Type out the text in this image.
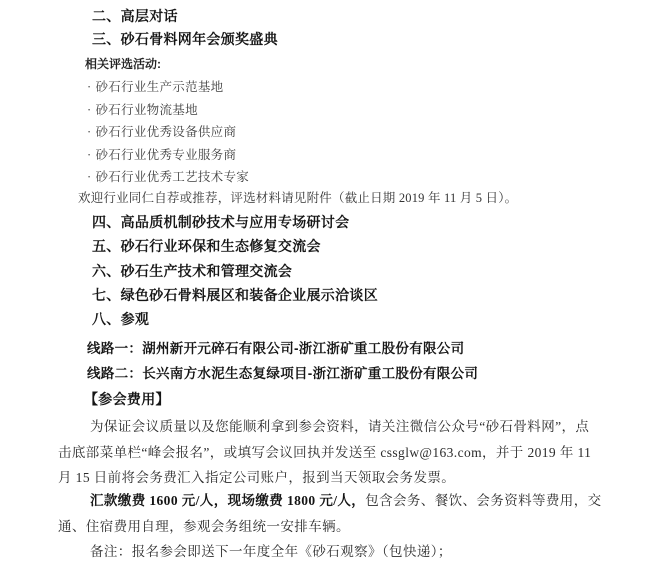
二、高层对话
三、砂石骨料网年会颁奖盛典
相关评选活动:
· 砂石行业生产示范基地
· 砂石行业物流基地
· 砂石行业优秀设备供应商
· 砂石行业优秀专业服务商
· 砂石行业优秀工艺技术专家
欢迎行业同仁自荐或推荐，评选材料请见附件（截止日期 2019 年 11 月 5 日）。
四、高品质机制砂技术与应用专场研讨会
五、砂石行业环保和生态修复交流会
六、砂石生产技术和管理交流会
七、绿色砂石骨料展区和装备企业展示洽谈区
八、参观
线路一：湖州新开元碎石有限公司-浙江浙矿重工股份有限公司
线路二：长兴南方水泥生态复绿项目-浙江浙矿重工股份有限公司
【参会费用】
为保证会议质量以及您能顺利拿到参会资料，请关注微信公众号“砂石骨料网”，点
击底部菜单栏“峰会报名”，或填写会议回执并发送至 cssglw@163.com，并于 2019 年 11
月 15 日前将会务费汇入指定公司账户，报到当天领取会务发票。
汇款缴费 1600 元/人，现场缴费 1800 元/人，包含会务、餐饮、会务资料等费用，交
通、住宿费用自理，参观会务组统一安排车辆。
备注：报名参会即送下一年度全年《砂石观察》（包快递）；
